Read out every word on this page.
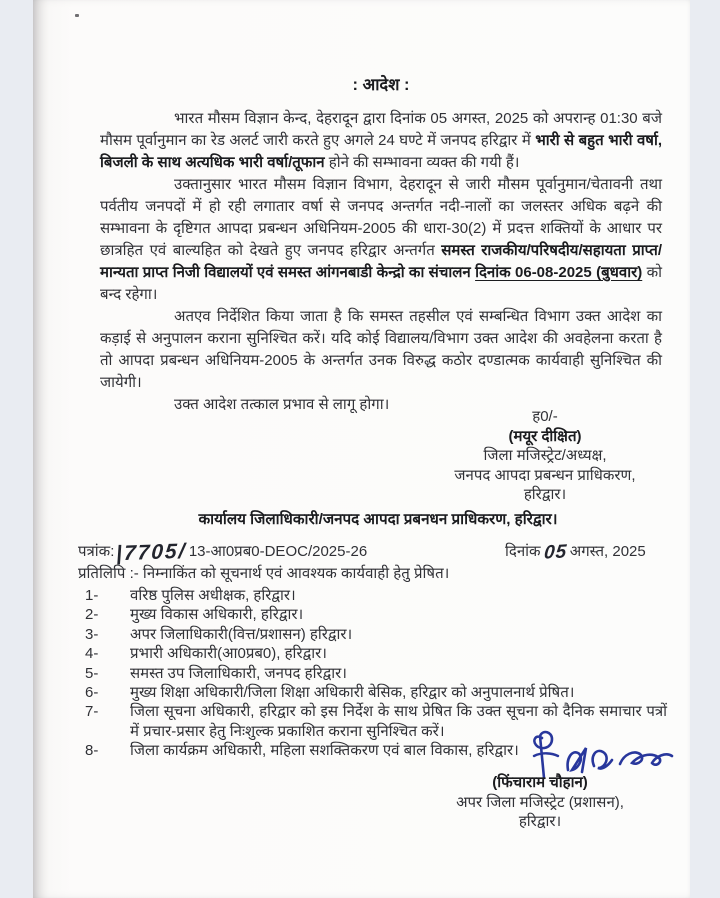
: आदेश :

भारत मौसम विज्ञान केन्द, देहरादून द्वारा दिनांक 05 अगस्त, 2025 को अपरान्ह 01:30 बजे मौसम पूर्वानुमान का रेड अलर्ट जारी करते हुए अगले 24 घण्टे में जनपद हरिद्वार में भारी से बहुत भारी वर्षा, बिजली के साथ अत्यधिक भारी वर्षा/तूफान होने की सम्भावना व्यक्त की गयी हैं।

उक्तानुसार भारत मौसम विज्ञान विभाग, देहरादून से जारी मौसम पूर्वानुमान/चेतावनी तथा पर्वतीय जनपदों में हो रही लगातार वर्षा से जनपद अन्तर्गत नदी-नालों का जलस्तर अधिक बढ़ने की सम्भावना के दृष्टिगत आपदा प्रबन्धन अधिनियम-2005 की धारा-30(2) में प्रदत्त शक्तियों के आधार पर छात्रहित एवं बाल्यहित को देखते हुए जनपद हरिद्वार अन्तर्गत समस्त राजकीय/परिषदीय/सहायता प्राप्त/मान्यता प्राप्त निजी विद्यालयों एवं समस्त आंगनबाडी केन्द्रो का संचालन दिनांक 06-08-2025 (बुधवार) को बन्द रहेगा।

अतएव निर्देशित किया जाता है कि समस्त तहसील एवं सम्बन्धित विभाग उक्त आदेश का कड़ाई से अनुपालन कराना सुनिश्चित करें। यदि कोई विद्यालय/विभाग उक्त आदेश की अवहेलना करता है तो आपदा प्रबन्धन अधिनियम-2005 के अन्तर्गत उनक विरुद्ध कठोर दण्डात्मक कार्यवाही सुनिश्चित की जायेगी।

उक्त आदेश तत्काल प्रभाव से लागू होगा।

ह0/-
(मयूर दीक्षित)
जिला मजिस्ट्रेट/अध्यक्ष,
जनपद आपदा प्रबन्धन प्राधिकरण,
हरिद्वार।
कार्यालय जिलाधिकारी/जनपद आपदा प्रबनधन प्राधिकरण, हरिद्वार।
पत्रांक:|7705/13-आ0प्रब0-DEOC/2025-26	दिनांक 05 अगस्त, 2025
प्रतिलिपि :- निम्नाकिंत को सूचनार्थ एवं आवश्यक कार्यवाही हेतु प्रेषित।
1-	वरिष्ठ पुलिस अधीक्षक, हरिद्वार।
2-	मुख्य विकास अधिकारी, हरिद्वार।
3-	अपर जिलाधिकारी(वित्त/प्रशासन) हरिद्वार।
4-	प्रभारी अधिकारी(आ0प्रब0), हरिद्वार।
5-	समस्त उप जिलाधिकारी, जनपद हरिद्वार।
6-	मुख्य शिक्षा अधिकारी/जिला शिक्षा अधिकारी बेसिक, हरिद्वार को अनुपालनार्थ प्रेषित।
7-	जिला सूचना अधिकारी, हरिद्वार को इस निर्देश के साथ प्रेषित कि उक्त सूचना को दैनिक समाचार पत्रों में प्रचार-प्रसार हेतु निःशुल्क प्रकाशित कराना सुनिश्चित करें।
8-	जिला कार्यक्रम अधिकारी, महिला सशक्तिकरण एवं बाल विकास, हरिद्वार।
(फिंचाराम चौहान)
अपर जिला मजिस्ट्रेट (प्रशासन),
हरिद्वार।
